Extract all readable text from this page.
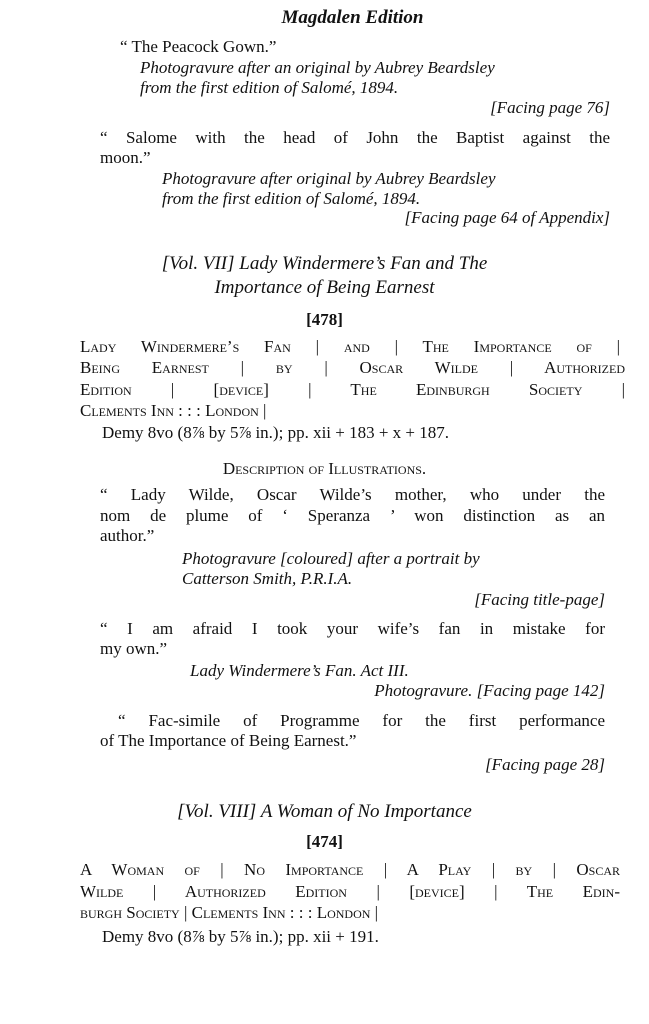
Magdalen Edition
“ The Peacock Gown.”
Photogravure after an original by Aubrey Beardsley
from the first edition of Salomé, 1894.
[Facing page 76]
“ Salome with the head of John the Baptist against the
moon.”
Photogravure after original by Aubrey Beardsley
from the first edition of Salomé, 1894.
[Facing page 64 of Appendix]
[Vol. VII] Lady Windermere’s Fan and The
Importance of Being Earnest
[478]
Lady Windermere’s Fan | and | The Importance of |
Being Earnest | by | Oscar Wilde | Authorized
Edition | [device] | The Edinburgh Society |
Clements Inn : : : London |
Demy 8vo (8⅞ by 5⅞ in.); pp. xii + 183 + x + 187.
Description of Illustrations.
“ Lady Wilde, Oscar Wilde’s mother, who under the
nom de plume of ‘ Speranza ’ won distinction as an
author.”
Photogravure [coloured] after a portrait by
Catterson Smith, P.R.I.A.
[Facing title-page]
“ I am afraid I took your wife’s fan in mistake for
my own.”
Lady Windermere’s Fan. Act III.
Photogravure. [Facing page 142]
“ Fac-simile of Programme for the first performance
of The Importance of Being Earnest.”
[Facing page 28]
[Vol. VIII] A Woman of No Importance
[474]
A Woman of | No Importance | A Play | by | Oscar
Wilde | Authorized Edition | [device] | The Edin-
burgh Society | Clements Inn : : : London |
Demy 8vo (8⅞ by 5⅞ in.); pp. xii + 191.
